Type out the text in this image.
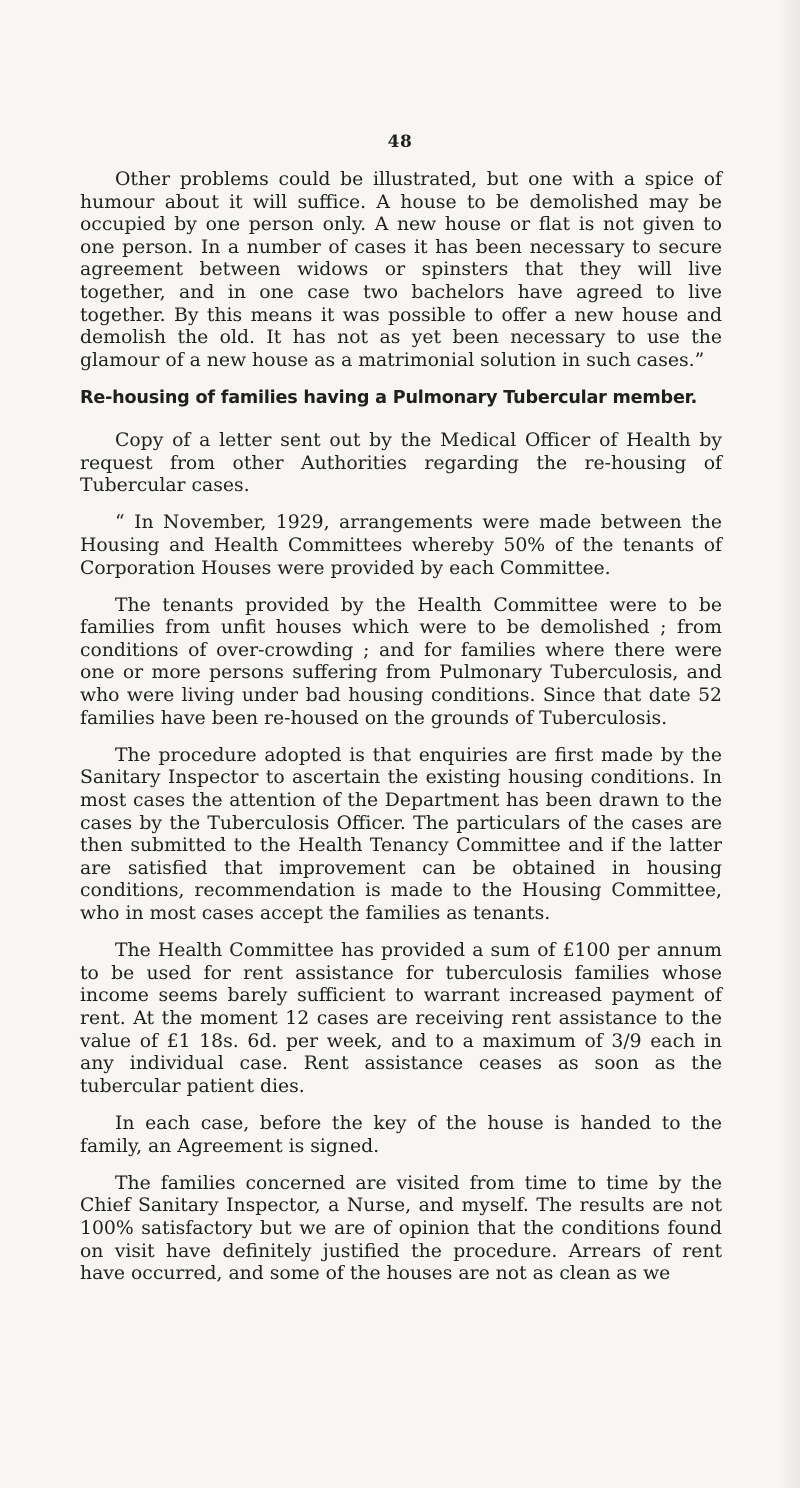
48

Other problems could be illustrated, but one with a spice of humour about it will suffice. A house to be demolished may be occupied by one person only. A new house or flat is not given to one person. In a number of cases it has been necessary to secure agreement between widows or spinsters that they will live together, and in one case two bachelors have agreed to live together. By this means it was possible to offer a new house and demolish the old. It has not as yet been necessary to use the glamour of a new house as a matrimonial solution in such cases.”

Re-housing of families having a Pulmonary Tubercular member.

Copy of a letter sent out by the Medical Officer of Health by request from other Authorities regarding the re-housing of Tubercular cases.

“ In November, 1929, arrangements were made between the Housing and Health Committees whereby 50% of the tenants of Corporation Houses were provided by each Committee.

The tenants provided by the Health Committee were to be families from unfit houses which were to be demolished ; from conditions of over-crowding ; and for families where there were one or more persons suffering from Pulmonary Tuberculosis, and who were living under bad housing conditions. Since that date 52 families have been re-housed on the grounds of Tuberculosis.

The procedure adopted is that enquiries are first made by the Sanitary Inspector to ascertain the existing housing conditions. In most cases the attention of the Department has been drawn to the cases by the Tuberculosis Officer. The particulars of the cases are then submitted to the Health Tenancy Committee and if the latter are satisfied that improvement can be obtained in housing conditions, recommendation is made to the Housing Committee, who in most cases accept the families as tenants.

The Health Committee has provided a sum of £100 per annum to be used for rent assistance for tuberculosis families whose income seems barely sufficient to warrant increased payment of rent. At the moment 12 cases are receiving rent assistance to the value of £1 18s. 6d. per week, and to a maximum of 3/9 each in any individual case. Rent assistance ceases as soon as the tubercular patient dies.

In each case, before the key of the house is handed to the family, an Agreement is signed.

The families concerned are visited from time to time by the Chief Sanitary Inspector, a Nurse, and myself. The results are not 100% satisfactory but we are of opinion that the conditions found on visit have definitely justified the procedure. Arrears of rent have occurred, and some of the houses are not as clean as we
